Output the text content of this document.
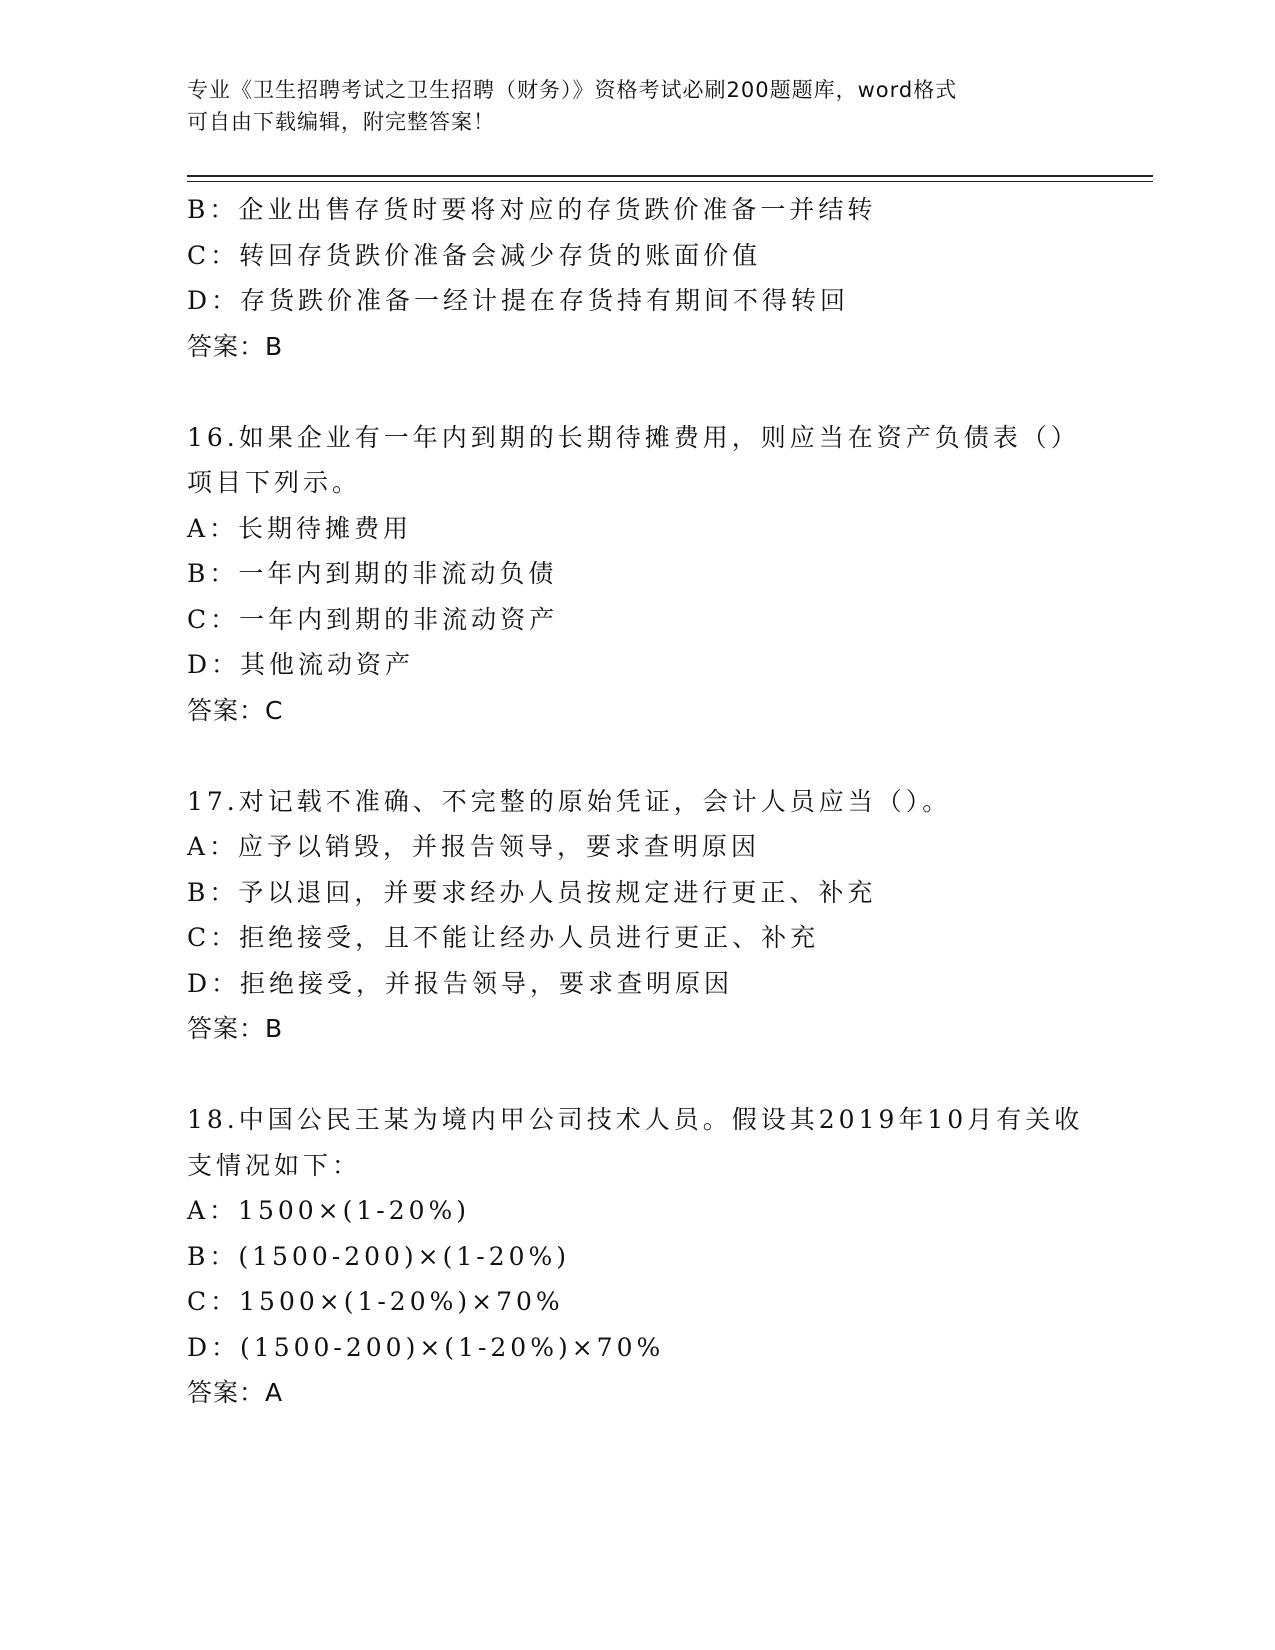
专业《卫生招聘考试之卫生招聘（财务）》资格考试必刷200题题库，word格式
可自由下载编辑，附完整答案！
B：企业出售存货时要将对应的存货跌价准备一并结转
C：转回存货跌价准备会减少存货的账面价值
D：存货跌价准备一经计提在存货持有期间不得转回
答案：B
16.如果企业有一年内到期的长期待摊费用，则应当在资产负债表（）
项目下列示。
A：长期待摊费用
B：一年内到期的非流动负债
C：一年内到期的非流动资产
D：其他流动资产
答案：C
17.对记载不准确、不完整的原始凭证，会计人员应当（）。
A：应予以销毁，并报告领导，要求查明原因
B：予以退回，并要求经办人员按规定进行更正、补充
C：拒绝接受，且不能让经办人员进行更正、补充
D：拒绝接受，并报告领导，要求查明原因
答案：B
18.中国公民王某为境内甲公司技术人员。假设其2019年10月有关收
支情况如下：
A：1500×(1-20%)
B：(1500-200)×(1-20%)
C：1500×(1-20%)×70%
D：(1500-200)×(1-20%)×70%
答案：A
